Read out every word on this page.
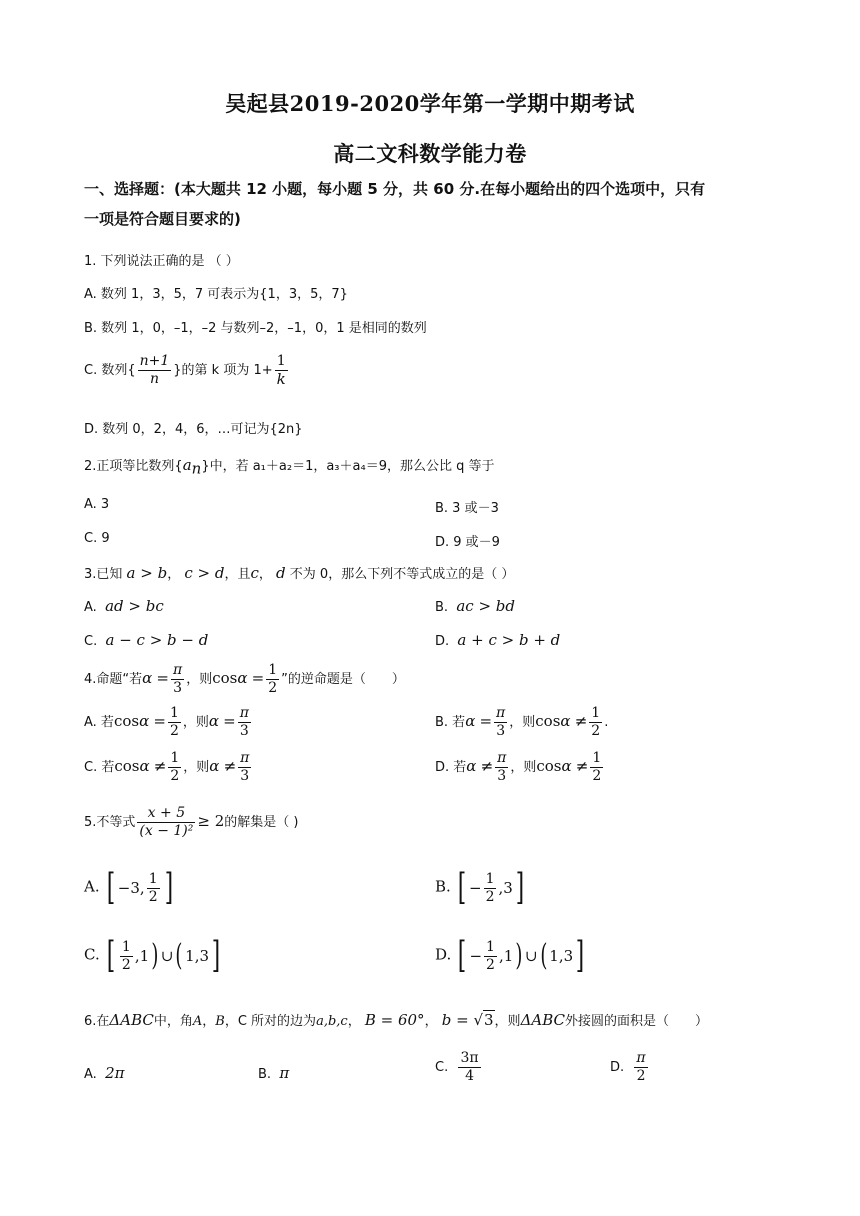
吴起县2019-2020学年第一学期中期考试
高二文科数学能力卷
一、选择题：(本大题共 12 小题，每小题 5 分，共 60 分.在每小题给出的四个选项中，只有
一项是符合题目要求的)
1. 下列说法正确的是 （ ）
A. 数列 1，3，5，7 可表示为{1，3，5，7}
B. 数列 1，0，–1，–2 与数列–2，–1，0，1 是相同的数列
C. 数列{ $\frac{n+1}{n}$ }的第 k 项为 $1+ \frac{1}{k}$
D. 数列 0，2，4，6，…可记为{2n}
2.正项等比数列$\{a_n\}$中，若 a₁＋a₂＝1，a₃＋a₄＝9，那么公比 q 等于
A. 3	B. 3 或－3
C. 9	D. 9 或－9
3.已知 a > b， c > d，且c， d 不为 0，那么下列不等式成立的是（ ）
A. ad > bc	B. ac > bd
C. a − c > b − d	D. a + c > b + d
4.命题“若$\alpha = \frac{\pi}{3}$ ，则$\cos\alpha = \frac{1}{2}$ ”的逆命题是（　　）
A. 若$\cos\alpha = \frac{1}{2}$ ，则$\alpha = \frac{\pi}{3}$	B. 若$\alpha = \frac{\pi}{3}$ ，则$\cos\alpha \ne \frac{1}{2}$ .
C. 若$\cos\alpha \ne \frac{1}{2}$ ，则$\alpha \ne \frac{\pi}{3}$	D. 若$\alpha \ne \frac{\pi}{3}$ ，则$\cos\alpha \ne \frac{1}{2}$
5.不等式 $\frac{x + 5}{\text{(x − 1)²}} \ge 2$的解集是（ )
A. [ −3, $\frac{1}{2}$ ]	B. [ − $\frac{1}{2} ,3$]
C. [ $\frac{1}{2} ,1$) ∪( 1,3]	D. [ − $\frac{1}{2} ,1$) ∪( 1,3]
6.在ΔABC中，角A，B，C 所对的边为a,b,c， B = 60°， b = √3，则ΔABC外接圆的面积是（　　）
A. 2π	B. π	C. $\frac{3\pi}{4}$	D. $\frac{\pi}{2}$
